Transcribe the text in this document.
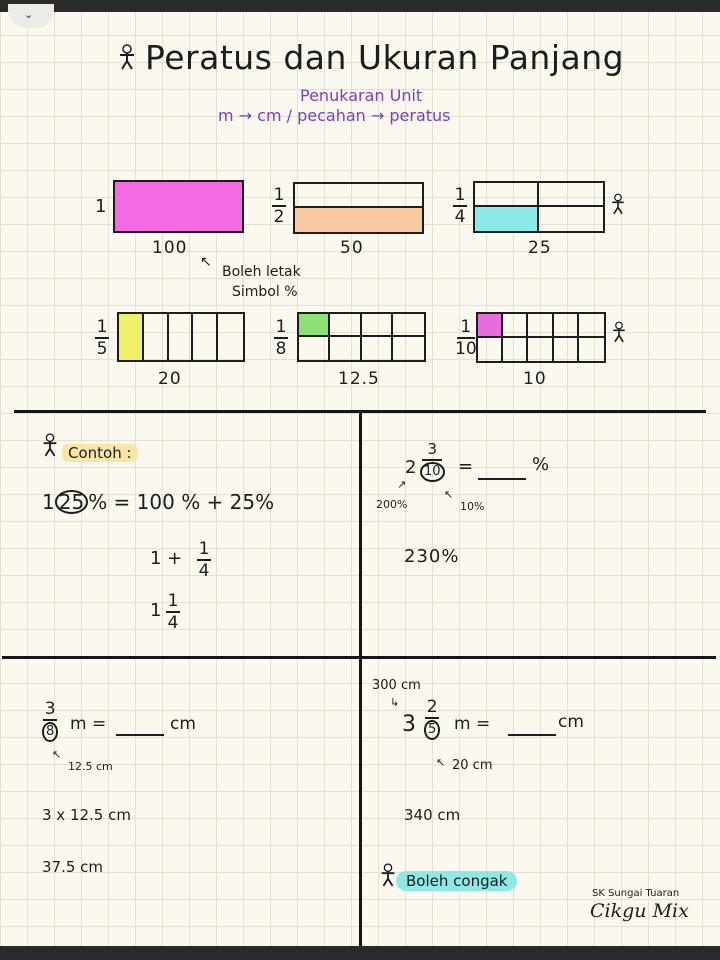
⌄
Peratus dan Ukuran Panjang
Penukaran Unit
m → cm / pecahan → peratus
1
100
1
2
50
1
4
25
↖
Boleh letak
Simbol %
1
5
20
1
8
12.5
1
10
10
Contoh :
1 25 % = 100 % + 25%
1 + 1
4
1 1
4
$2 \frac{3}{10}$ =	%
↗
200%
↖
10%
230%
3
8 m =	cm
↖
12.5 cm
3 x 12.5 cm
37.5 cm
300 cm
↳
3
2
5 m =	cm
↖ 20 cm
340 cm
Boleh congak
SK Sungai Tuaran
Cikgu Mix
